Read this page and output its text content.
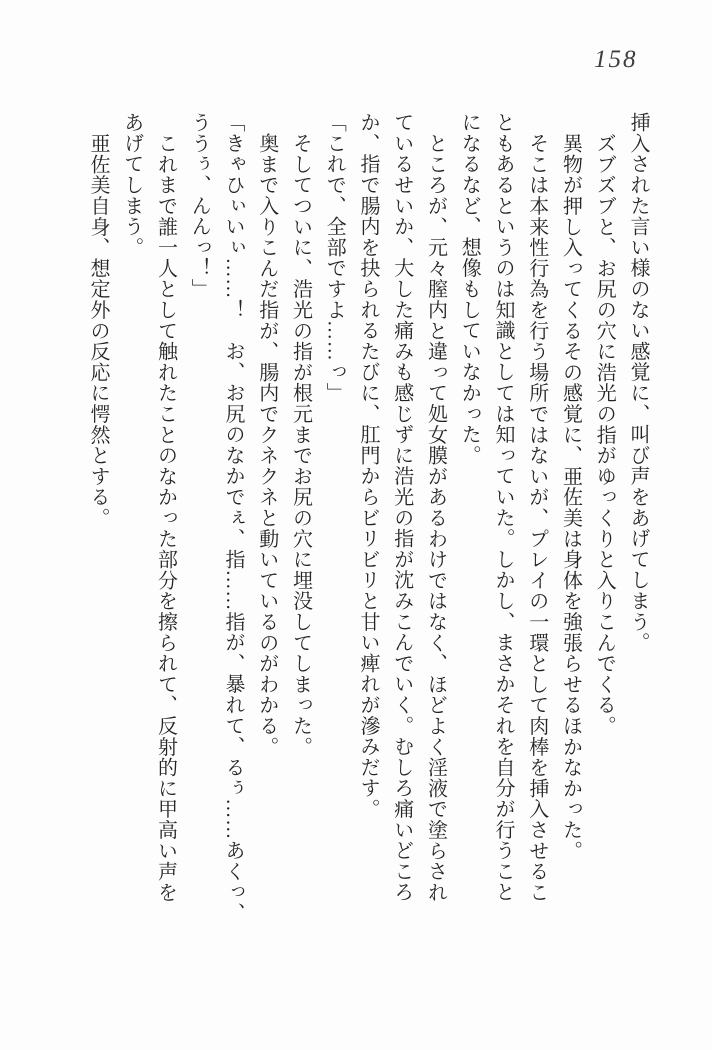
158
挿入された言い様のない感覚に、叫び声をあげてしまう。
ズブズブと、お尻の穴に浩光の指がゆっくりと入りこんでくる。
異物が押し入ってくるその感覚に、亜佐美は身体を強張らせるほかなかった。
そこは本来性行為を行う場所ではないが、プレイの一環として肉棒を挿入させるこ
ともあるというのは知識としては知っていた。しかし、まさかそれを自分が行うこと
になるなど、想像もしていなかった。
ところが、元々膣内と違って処女膜があるわけではなく、ほどよく淫液で塗らされ
ているせいか、大した痛みも感じずに浩光の指が沈みこんでいく。むしろ痛いどころ
か、指で腸内を抉られるたびに、肛門からビリビリと甘い痺れが滲みだす。
「これで、全部ですよ……っ」
そしてついに、浩光の指が根元までお尻の穴に埋没してしまった。
奥まで入りこんだ指が、腸内でクネクネと動いているのがわかる。
「きゃひぃいぃ……！　お、お尻のなかでぇ、指……指が、暴れて、るぅ……あくっ、
ううぅ、んんっ！」
これまで誰一人として触れたことのなかった部分を擦られて、反射的に甲高い声を
あげてしまう。
亜佐美自身、想定外の反応に愕然とする。
